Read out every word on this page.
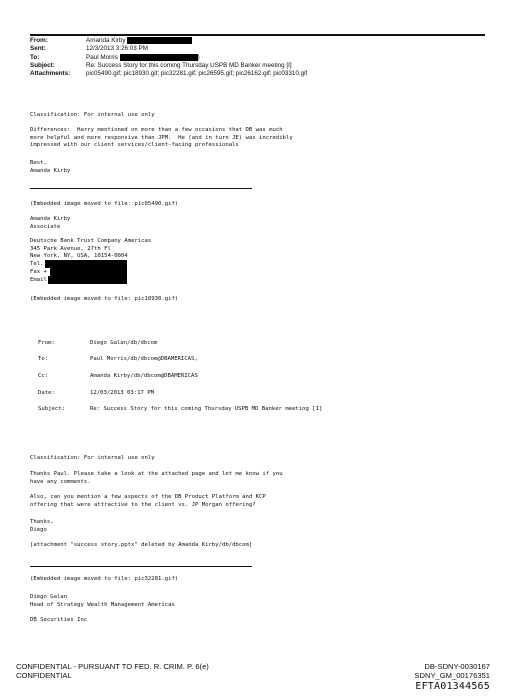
From:	Amanda Kirby
Sent:	12/3/2013 3:26:03 PM
To:	Paul Morris	)
Subject:	Re: Success Story for this coming Thursday USPB MD Banker meeting [I]
Attachments:	pic05490.gif; pic18930.gif; pic32281.gif; pic26595.gif; pic26162.gif; pic03310.gif
Classification: For internal use only
Differences:  Harry mentioned on more than a few occasions that DB was much
more helpful and more responsive than JPM.  He (and in turn JE) was incredibly
impressed with our client services/client-facing professionals
Best,
Amanda Kirby
(Embedded image moved to file: pic05490.gif)
Amanda Kirby
Associate
Deutsche Bank Trust Company Americas
345 Park Avenue, 27th Fl
New York, NY, USA, 10154-0004
Tel.
Fax +
Email
(Embedded image moved to file: pic18930.gif)
From:	Diego Galan/db/dbcom
To:	Paul Morris/db/dbcom@DBAMERICAS,
Cc:	Amanda Kirby/db/dbcom@DBAMERICAS
Date:	12/03/2013 03:17 PM
Subject:	Re: Success Story for this coming Thursday USPB MD Banker meeting [I]
Classification: For internal use only
Thanks Paul. Please take a look at the attached page and let me know if you
have any comments.
Also, can you mention a few aspects of the DB Product Platform and KCP
offering that were attractive to the client vs. JP Morgan offering?
Thanks,
Diego
[attachment "success story.pptx" deleted by Amanda Kirby/db/dbcom]
(Embedded image moved to file: pic32281.gif)
Diego Galan
Head of Strategy Wealth Management Americas
DB Securities Inc
CONFIDENTIAL - PURSUANT TO FED. R. CRIM. P. 6(e)
CONFIDENTIAL
DB-SDNY-0030167
SDNY_GM_00176351
EFTA01344565
